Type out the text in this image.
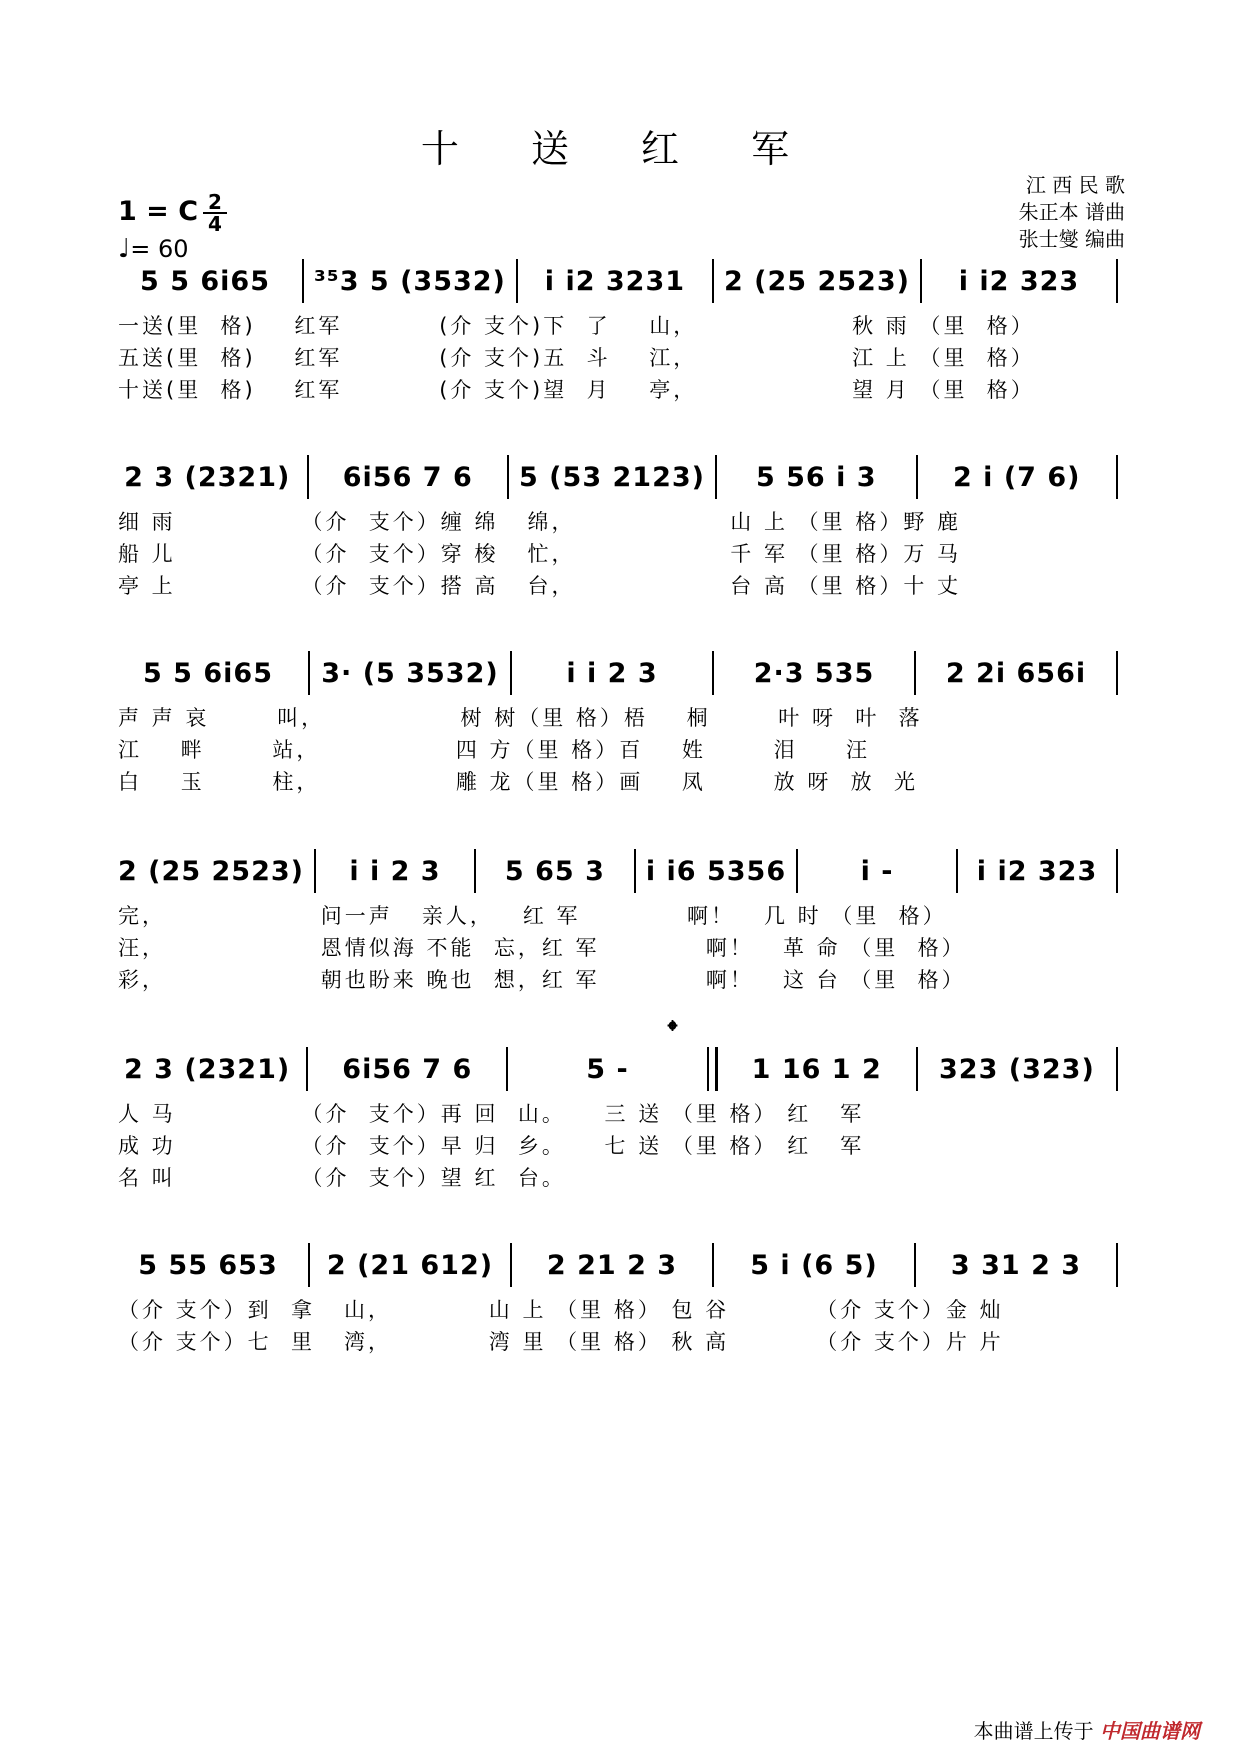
十 送 红 军
江 西 民 歌
朱正本 谱曲
张士燮 编曲
1 = C 2
4
♩= 60
5 5 6i65	³⁵3 5 (3532)	i i2 3231	2 (25 2523)	i i2 323
一送(里  格)    红军          (介 支个)下  了    山，                秋 雨 （里  格）
五送(里  格)    红军          (介 支个)五  斗    江，                江 上 （里  格）
十送(里  格)    红军          (介 支个)望  月    亭，                望 月 （里  格）
2 3 (2321)	6i56 7 6	5 (53 2123)	5 56 i 3	2 i (7 6)
细 雨             （介  支个）缠 绵   绵，                山 上 （里 格）野 鹿
船 儿             （介  支个）穿 梭   忙，                千 军 （里 格）万 马
亭 上             （介  支个）搭 高   台，                台 高 （里 格）十 丈
5 5 6i65	3· (5 3532)	i i 2 3	2·3 535	2 2i 656i
声 声 哀       叫，              树 树（里 格）梧    桐       叶 呀  叶  落
江    畔       站，              四 方（里 格）百    姓       泪     汪
白    玉       柱，              雕 龙（里 格）画    凤       放 呀  放  光
2 (25 2523)	i i 2 3	5 65 3	i i6 5356	i -	i i2 323
完，                问一声   亲人，   红 军           啊！   几 时 （里  格）
汪，                恩情似海 不能  忘，红 军           啊！   革 命 （里  格）
彩，                朝也盼来 晚也  想，红 军           啊！   这 台 （里  格）
𝄌
2 3 (2321)	6i56 7 6	5 -	1 16 1 2	323 (323)
人 马             （介  支个）再 回  山。    三 送 （里 格） 红   军
成 功             （介  支个）早 归  乡。    七 送 （里 格） 红   军
名 叫             （介  支个）望 红  台。
5 55 653	2 (21 612)	2 21 2 3	5 i (6 5)	3 31 2 3
（介 支个）到  拿   山，          山 上 （里 格） 包 谷         （介 支个）金 灿
（介 支个）七  里   湾，          湾 里 （里 格） 秋 高         （介 支个）片 片
本曲谱上传于 中国曲谱网
